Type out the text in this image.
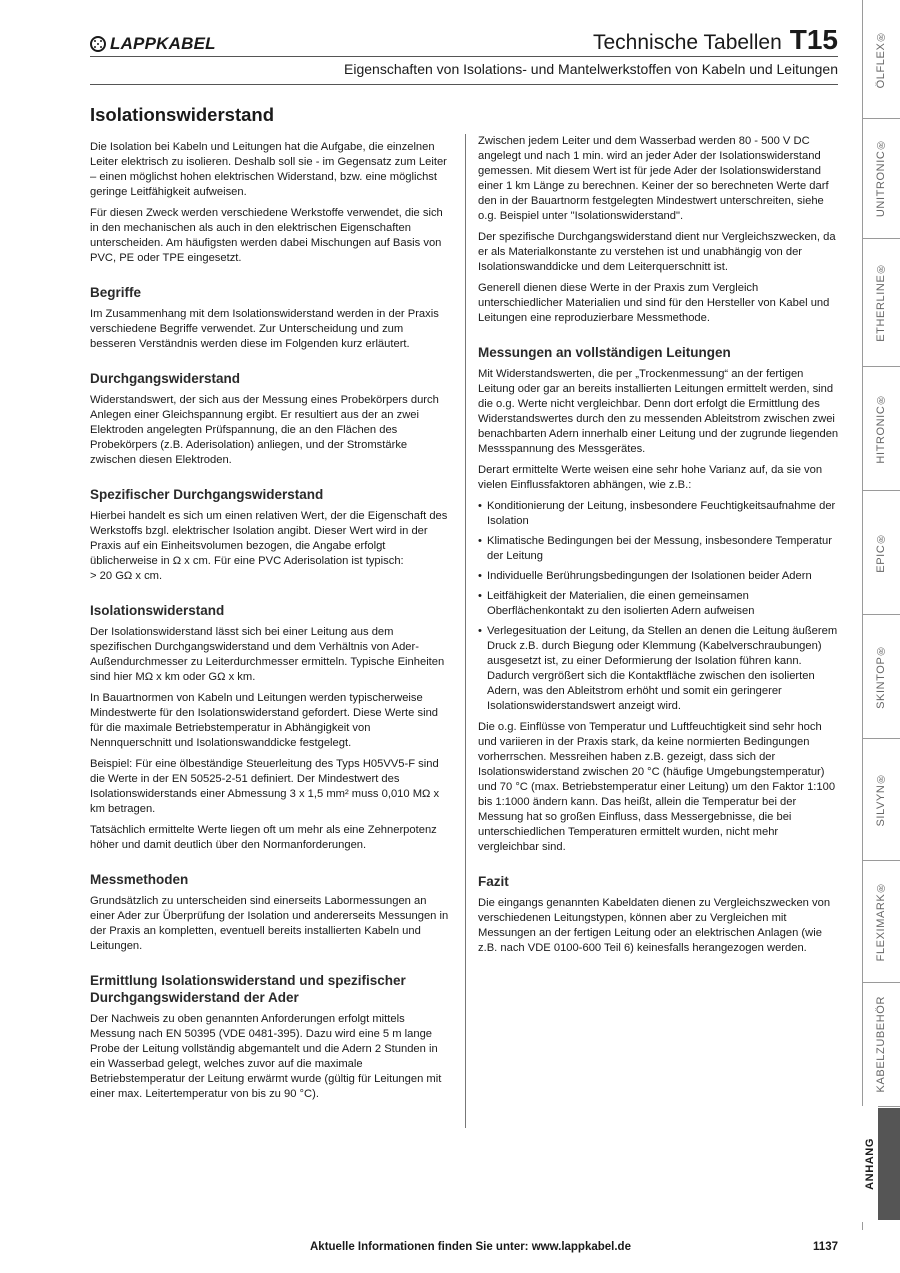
LAPPKABEL	Technische Tabellen T15
Eigenschaften von Isolations- und Mantelwerkstoffen von Kabeln und Leitungen
Isolationswiderstand

Die Isolation bei Kabeln und Leitungen hat die Aufgabe, die einzelnen Leiter elektrisch zu isolieren. Deshalb soll sie - im Gegensatz zum Leiter – einen möglichst hohen elektrischen Widerstand, bzw. eine möglichst geringe Leitfähigkeit aufweisen.

Für diesen Zweck werden verschiedene Werkstoffe verwendet, die sich in den mechanischen als auch in den elektrischen Eigenschaften unterscheiden. Am häufigsten werden dabei Mischungen auf Basis von PVC, PE oder TPE eingesetzt.

Begriffe

Im Zusammenhang mit dem Isolationswiderstand werden in der Praxis verschiedene Begriffe verwendet. Zur Unterscheidung und zum besseren Verständnis werden diese im Folgenden kurz erläutert.

Durchgangswiderstand

Widerstandswert, der sich aus der Messung eines Probekörpers durch Anlegen einer Gleichspannung ergibt. Er resultiert aus der an zwei Elektroden angelegten Prüfspannung, die an den Flächen des Probekörpers (z.B. Aderisolation) anliegen, und der Stromstärke zwischen diesen Elektroden.

Spezifischer Durchgangswiderstand

Hierbei handelt es sich um einen relativen Wert, der die Eigenschaft des Werkstoffs bzgl. elektrischer Isolation angibt. Dieser Wert wird in der Praxis auf ein Einheitsvolumen bezogen, die Angabe erfolgt üblicherweise in Ω x cm. Für eine PVC Aderisolation ist typisch:

> 20 GΩ x cm.

Isolationswiderstand

Der Isolationswiderstand lässt sich bei einer Leitung aus dem spezifischen Durchgangswiderstand und dem Verhältnis von Ader-Außendurchmesser zu Leiterdurchmesser ermitteln. Typische Einheiten sind hier MΩ x km oder GΩ x km.

In Bauartnormen von Kabeln und Leitungen werden typischerweise Mindestwerte für den Isolationswiderstand gefordert. Diese Werte sind für die maximale Betriebstemperatur in Abhängigkeit von Nennquerschnitt und Isolationswanddicke festgelegt.

Beispiel: Für eine ölbeständige Steuerleitung des Typs H05VV5-F sind die Werte in der EN 50525-2-51 definiert. Der Mindestwert des Isolationswiderstands einer Abmessung 3 x 1,5 mm² muss 0,010 MΩ x km betragen.

Tatsächlich ermittelte Werte liegen oft um mehr als eine Zehnerpotenz höher und damit deutlich über den Normanforderungen.

Messmethoden

Grundsätzlich zu unterscheiden sind einerseits Labormessungen an einer Ader zur Überprüfung der Isolation und andererseits Messungen in der Praxis an kompletten, eventuell bereits installierten Kabeln und Leitungen.

Ermittlung Isolationswiderstand und spezifischer Durchgangswiderstand der Ader

Der Nachweis zu oben genannten Anforderungen erfolgt mittels Messung nach EN 50395 (VDE 0481-395). Dazu wird eine 5 m lange Probe der Leitung vollständig abgemantelt und die Adern 2 Stunden in ein Wasserbad gelegt, welches zuvor auf die maximale Betriebstemperatur der Leitung erwärmt wurde (gültig für Leitungen mit einer max. Leitertemperatur von bis zu 90 °C).

Zwischen jedem Leiter und dem Wasserbad werden 80 - 500 V DC angelegt und nach 1 min. wird an jeder Ader der Isolationswiderstand gemessen. Mit diesem Wert ist für jede Ader der Isolationswiderstand einer 1 km Länge zu berechnen. Keiner der so berechneten Werte darf den in der Bauartnorm festgelegten Mindestwert unterschreiten, siehe o.g. Beispiel unter "Isolationswiderstand".

Der spezifische Durchgangswiderstand dient nur Vergleichszwecken, da er als Materialkonstante zu verstehen ist und unabhängig von der Isolationswanddicke und dem Leiterquerschnitt ist.

Generell dienen diese Werte in der Praxis zum Vergleich unterschiedlicher Materialien und sind für den Hersteller von Kabel und Leitungen eine reproduzierbare Messmethode.

Messungen an vollständigen Leitungen

Mit Widerstandswerten, die per „Trockenmessung“ an der fertigen Leitung oder gar an bereits installierten Leitungen ermittelt werden, sind die o.g. Werte nicht vergleichbar. Denn dort erfolgt die Ermittlung des Widerstandswertes durch den zu messenden Ableitstrom zwischen zwei benachbarten Adern innerhalb einer Leitung und der zugrunde liegenden Messspannung des Messgerätes.

Derart ermittelte Werte weisen eine sehr hohe Varianz auf, da sie von vielen Einflussfaktoren abhängen, wie z.B.:

• Konditionierung der Leitung, insbesondere Feuchtigkeitsaufnahme der Isolation
• Klimatische Bedingungen bei der Messung, insbesondere Temperatur der Leitung
• Individuelle Berührungsbedingungen der Isolationen beider Adern
• Leitfähigkeit der Materialien, die einen gemeinsamen Oberflächenkontakt zu den isolierten Adern aufweisen
• Verlegesituation der Leitung, da Stellen an denen die Leitung äußerem Druck z.B. durch Biegung oder Klemmung (Kabelverschraubungen) ausgesetzt ist, zu einer Deformierung der Isolation führen kann. Dadurch vergrößert sich die Kontaktfläche zwischen den isolierten Adern, was den Ableitstrom erhöht und somit ein geringerer Isolationswiderstandswert anzeigt wird.

Die o.g. Einflüsse von Temperatur und Luftfeuchtigkeit sind sehr hoch und variieren in der Praxis stark, da keine normierten Bedingungen vorherrschen. Messreihen haben z.B. gezeigt, dass sich der Isolationswiderstand zwischen 20 °C (häufige Umgebungstemperatur) und 70 °C (max. Betriebstemperatur einer Leitung) um den Faktor 1:100 bis 1:1000 ändern kann. Das heißt, allein die Temperatur bei der Messung hat so großen Einfluss, dass Messergebnisse, die bei unterschiedlichen Temperaturen ermittelt wurden, nicht mehr vergleichbar sind.

Fazit

Die eingangs genannten Kabeldaten dienen zu Vergleichszwecken von verschiedenen Leitungstypen, können aber zu Vergleichen mit Messungen an der fertigen Leitung oder an elektrischen Anlagen (wie z.B. nach VDE 0100-600 Teil 6) keinesfalls herangezogen werden.

ÖLFLEX®
UNITRONIC®
ETHERLINE®
HITRONIC®
EPIC®
SKINTOP®
SILVYN®
FLEXIMARK®
KABELZUBEHÖR
ANHANG
Aktuelle Informationen finden Sie unter: www.lappkabel.de	1137
